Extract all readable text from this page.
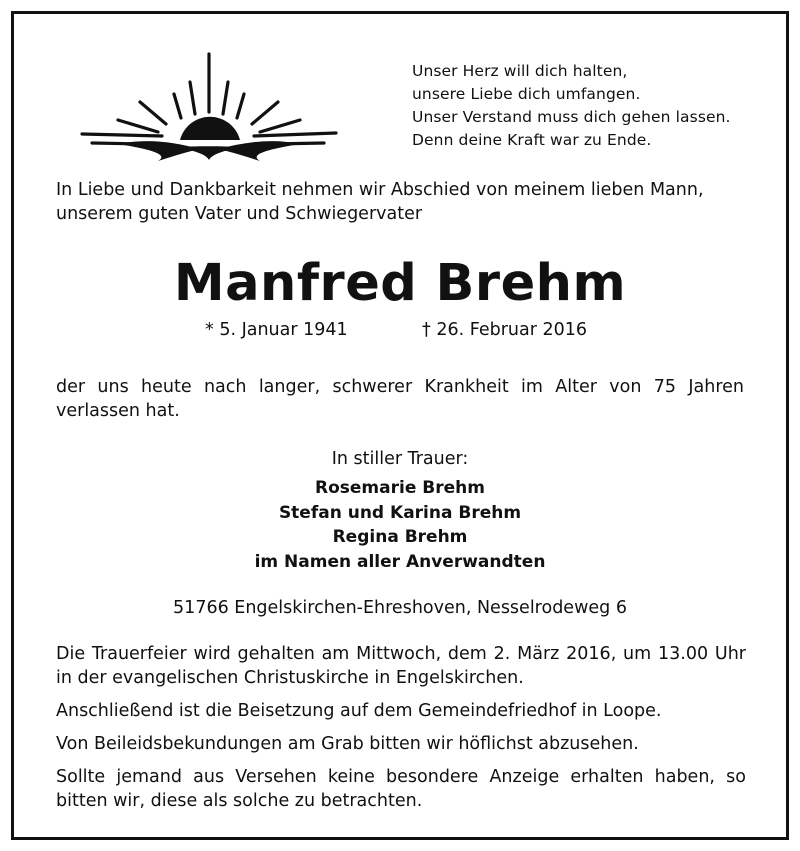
Unser Herz will dich halten,
unsere Liebe dich umfangen.
Unser Verstand muss dich gehen lassen.
Denn deine Kraft war zu Ende.
In Liebe und Dankbarkeit nehmen wir Abschied von meinem lieben Mann,
unserem guten Vater und Schwiegervater
Manfred Brehm
* 5. Januar 1941	† 26. Februar 2016
der uns heute nach langer, schwerer Krankheit im Alter von 75 Jahren verlassen hat.
In stiller Trauer:
Rosemarie Brehm
Stefan und Karina Brehm
Regina Brehm
im Namen aller Anverwandten
51766 Engelskirchen-Ehreshoven, Nesselrodeweg 6

Die Trauerfeier wird gehalten am Mittwoch, dem 2. März 2016, um 13.00 Uhr in der evangelischen Christuskirche in Engelskirchen.

Anschließend ist die Beisetzung auf dem Gemeindefriedhof in Loope.

Von Beileidsbekundungen am Grab bitten wir höflichst abzusehen.

Sollte jemand aus Versehen keine besondere Anzeige erhalten haben, so bitten wir, diese als solche zu betrachten.
